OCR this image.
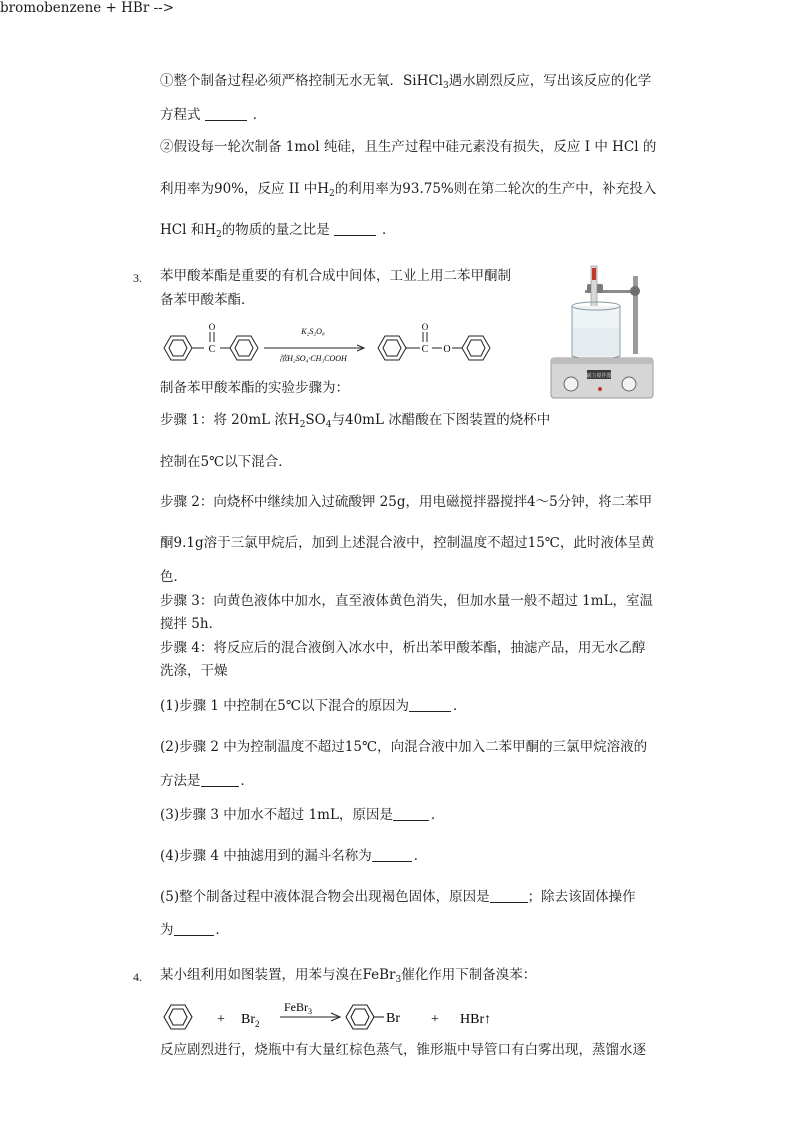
①整个制备过程必须严格控制无水无氧．SiHCl$_3$遇水剧烈反应，写出该反应的化学
方程式	．
②假设每一轮次制备 1mol 纯硅，且生产过程中硅元素没有损失，反应 I 中 HCl 的
利用率为90%，反应 II 中$H_2$的利用率为93.75%则在第二轮次的生产中，补充投入
HCl 和$H_2$的物质的量之比是	．
3. 苯甲酸苯酯是重要的有机合成中间体，工业上用二苯甲酮制
备苯甲酸苯酯．
O
C
K₂S₂O₈
浓H₂SO₄·CH₃COOH
O
C O
磁力搅拌器
制备苯甲酸苯酯的实验步骤为：
步骤 1：将 20mL 浓$H_2SO_4$与40mL 冰醋酸在下图装置的烧杯中
控制在5℃以下混合．
步骤 2：向烧杯中继续加入过硫酸钾 25g，用电磁搅拌器搅拌4～5分钟，将二苯甲
酮9.1g溶于三氯甲烷后，加到上述混合液中，控制温度不超过15℃，此时液体呈黄
色．
步骤 3：向黄色液体中加水，直至液体黄色消失，但加水量一般不超过 1mL，室温
搅拌 5h．
步骤 4：将反应后的混合液倒入冰水中，析出苯甲酸苯酯，抽滤产品，用无水乙醇
洗涤，干燥
(1)步骤 1 中控制在5℃以下混合的原因为	．
(2)步骤 2 中为控制温度不超过15℃，向混合液中加入二苯甲酮的三氯甲烷溶液的
方法是	．
(3)步骤 3 中加水不超过 1mL，原因是	．
(4)步骤 4 中抽滤用到的漏斗名称为	．
(5)整个制备过程中液体混合物会出现褐色固体，原因是	；除去该固体操作
为	．
4. 某小组利用如图装置，用苯与溴在FeBr$_3$催化作用下制备溴苯：
bromobenzene + HBr -->
+ $Br_2$
FeBr$_3$	Br + HBr↑
反应剧烈进行，烧瓶中有大量红棕色蒸气，锥形瓶中导管口有白雾出现，蒸馏水逐
